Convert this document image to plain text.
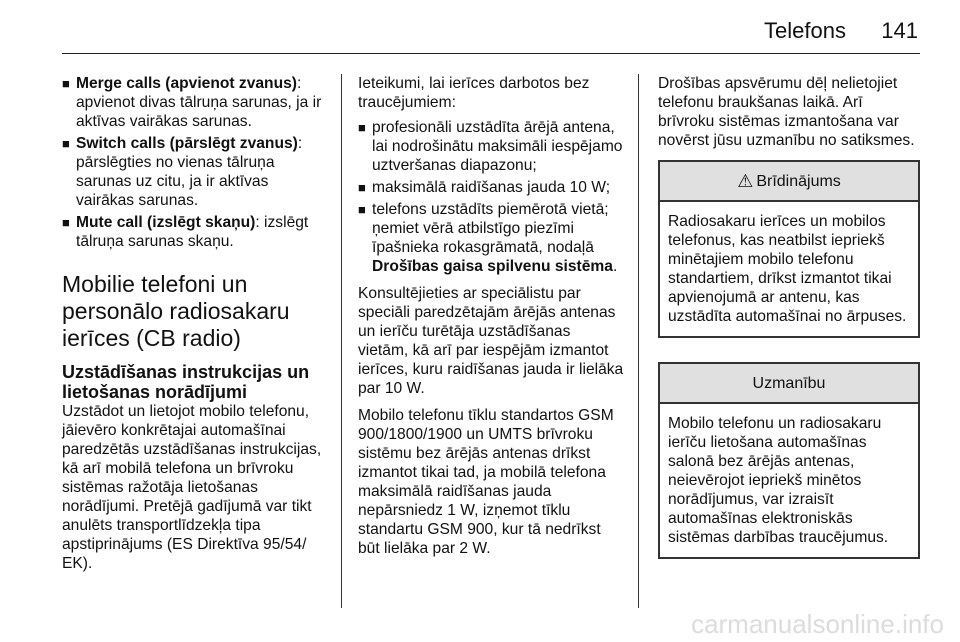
Telefons 141
■ Merge calls (apvienot zvanus): apvienot divas tālruņa sarunas, ja ir aktīvas vairākas sarunas.
■ Switch calls (pārslēgt zvanus): pārslēgties no vienas tālruņa sarunas uz citu, ja ir aktīvas vairākas sarunas.
■ Mute call (izslēgt skaņu): izslēgt tālruņa sarunas skaņu.
Mobilie telefoni un personālo radiosakaru ierīces (CB radio)
Uzstādīšanas instrukcijas un lietošanas norādījumi

Uzstādot un lietojot mobilo telefonu, jāievēro konkrētajai automašīnai paredzētās uzstādīšanas instrukcijas, kā arī mobilā telefona un brīvroku sistēmas ražotāja lietošanas norādījumi. Pretējā gadījumā var tikt anulēts transportlīdzekļa tipa apstiprinājums (ES Direktīva 95/54/ EK).

Ieteikumi, lai ierīces darbotos bez traucējumiem:

■ profesionāli uzstādīta ārējā antena, lai nodrošinātu maksimāli iespējamo uztveršanas diapazonu;
■ maksimālā raidīšanas jauda 10 W;
■ telefons uzstādīts piemērotā vietā; ņemiet vērā atbilstīgo piezīmi īpašnieka rokasgrāmatā, nodaļā Drošības gaisa spilvenu sistēma.

Konsultējieties ar speciālistu par speciāli paredzētajām ārējās antenas un ierīču turētāja uzstādīšanas vietām, kā arī par iespējām izmantot ierīces, kuru raidīšanas jauda ir lielāka par 10 W.

Mobilo telefonu tīklu standartos GSM 900/1800/1900 un UMTS brīvroku sistēmu bez ārējās antenas drīkst izmantot tikai tad, ja mobilā telefona maksimālā raidīšanas jauda nepārsniedz 1 W, izņemot tīklu standartu GSM 900, kur tā nedrīkst būt lielāka par 2 W.

Drošības apsvērumu dēļ nelietojiet telefonu braukšanas laikā. Arī brīvroku sistēmas izmantošana var novērst jūsu uzmanību no satiksmes.

⚠ Brīdinājums
Radiosakaru ierīces un mobilos telefonus, kas neatbilst iepriekš minētajiem mobilo telefonu standartiem, drīkst izmantot tikai apvienojumā ar antenu, kas uzstādīta automašīnai no ārpuses.
Uzmanību
Mobilo telefonu un radiosakaru ierīču lietošana automašīnas salonā bez ārējās antenas, neievērojot iepriekš minētos norādījumus, var izraisīt automašīnas elektroniskās sistēmas darbības traucējumus.
carmanualsonline.info
